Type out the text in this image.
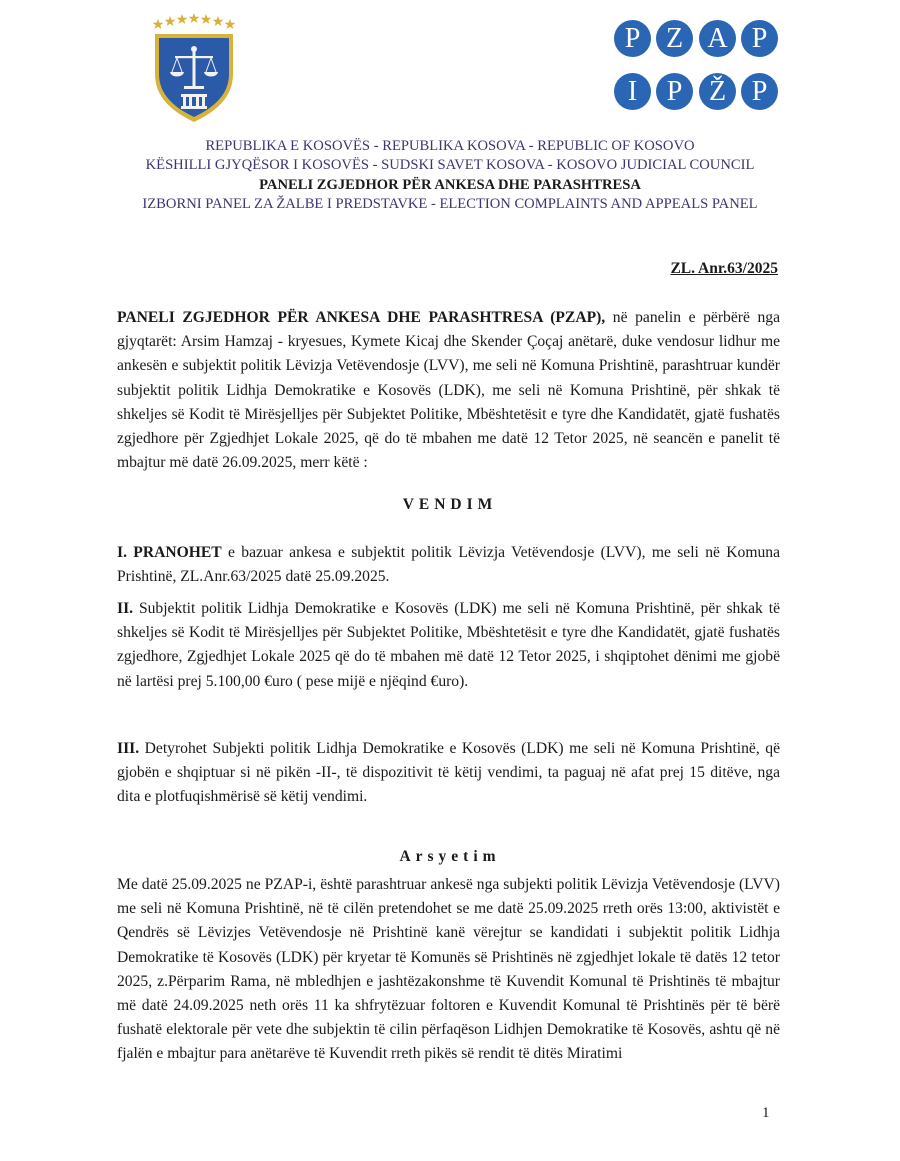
P Z A P
I	P Ž P
REPUBLIKA E KOSOVËS - REPUBLIKA KOSOVA - REPUBLIC OF KOSOVO
KËSHILLI GJYQËSOR I KOSOVËS - SUDSKI SAVET KOSOVA - KOSOVO JUDICIAL COUNCIL
PANELI ZGJEDHOR PËR ANKESA DHE PARASHTRESA
IZBORNI PANEL ZA ŽALBE I PREDSTAVKE - ELECTION COMPLAINTS AND APPEALS PANEL
ZL. Anr.63/2025
PANELI ZGJEDHOR PËR ANKESA DHE PARASHTRESA (PZAP), në panelin e përbërë nga gjyqtarët: Arsim Hamzaj - kryesues, Kymete Kicaj dhe Skender Çoçaj anëtarë, duke vendosur lidhur me ankesën e subjektit politik Lëvizja Vetëvendosje (LVV), me seli në Komuna Prishtinë, parashtruar kundër subjektit politik Lidhja Demokratike e Kosovës (LDK), me seli në Komuna Prishtinë, për shkak të shkeljes së Kodit të Mirësjelljes për Subjektet Politike, Mbështetësit e tyre dhe Kandidatët, gjatë fushatës zgjedhore për Zgjedhjet Lokale 2025, që do të mbahen me datë 12 Tetor 2025, në seancën e panelit të mbajtur më datë 26.09.2025, merr këtë :
VENDIM
I. PRANOHET e bazuar ankesa e subjektit politik Lëvizja Vetëvendosje (LVV), me seli në Komuna Prishtinë, ZL.Anr.63/2025 datë 25.09.2025.
II. Subjektit politik Lidhja Demokratike e Kosovës (LDK) me seli në Komuna Prishtinë, për shkak të shkeljes së Kodit të Mirësjelljes për Subjektet Politike, Mbështetësit e tyre dhe Kandidatët, gjatë fushatës zgjedhore, Zgjedhjet Lokale 2025 që do të mbahen më datë 12 Tetor 2025, i shqiptohet dënimi me gjobë në lartësi prej 5.100,00 €uro ( pese mijë e njëqind €uro).
III. Detyrohet Subjekti politik Lidhja Demokratike e Kosovës (LDK) me seli në Komuna Prishtinë, që gjobën e shqiptuar si në pikën -II-, të dispozitivit të këtij vendimi, ta paguaj në afat prej 15 ditëve, nga dita e plotfuqishmërisë së këtij vendimi.
Arsyetim
Me datë 25.09.2025 ne PZAP-i, është parashtruar ankesë nga subjekti politik Lëvizja Vetëvendosje (LVV) me seli në Komuna Prishtinë, në të cilën pretendohet se me datë 25.09.2025 rreth orës 13:00, aktivistët e Qendrës së Lëvizjes Vetëvendosje në Prishtinë kanë vërejtur se kandidati i subjektit politik Lidhja Demokratike të Kosovës (LDK) për kryetar të Komunës së Prishtinës në zgjedhjet lokale të datës 12 tetor 2025, z.Përparim Rama, në mbledhjen e jashtëzakonshme të Kuvendit Komunal të Prishtinës të mbajtur më datë 24.09.2025 neth orës 11 ka shfrytëzuar foltoren e Kuvendit Komunal të Prishtinës për të bërë fushatë elektorale për vete dhe subjektin të cilin përfaqëson Lidhjen Demokratike të Kosovës, ashtu që në fjalën e mbajtur para anëtarëve të Kuvendit rreth pikës së rendit të ditës Miratimi
1
